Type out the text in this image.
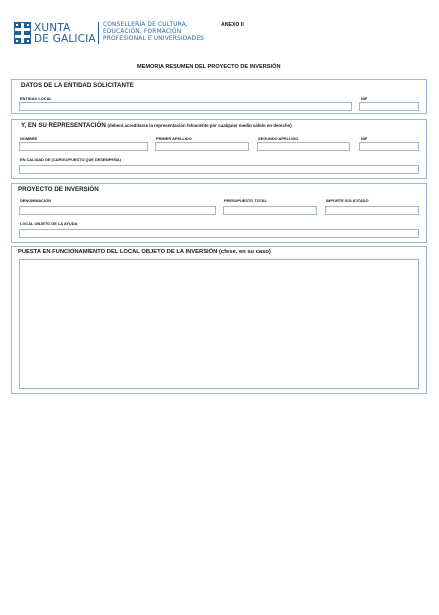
XUNTA
DE GALICIA
CONSELLERÍA DE CULTURA,
EDUCACIÓN, FORMACIÓN
PROFESIONAL E UNIVERSIDADES
ANEXO II
MEMORIA RESUMEN DEL PROYECTO DE INVERSIÓN
DATOS DE LA ENTIDAD SOLICITANTE
ENTIDAD LOCAL	NIF
Y, EN SU REPRESENTACIÓN (deberá acreditarse la representación fehaciente por cualquier medio válido en derecho)
NOMBRE	PRIMER APELLIDO	SEGUNDO APELLIDO	NIF
EN CALIDAD DE (CARGO/PUESTO QUE DESEMPEÑA)
PROYECTO DE INVERSIÓN
DENOMINACIÓN	PRESUPUESTO TOTAL	IMPORTE SOLICITADO
LOCAL OBJETO DE LA AYUDA
PUESTA EN FUNCIONAMIENTO DEL LOCAL OBJETO DE LA INVERSIÓN (cfese. en su caso)
